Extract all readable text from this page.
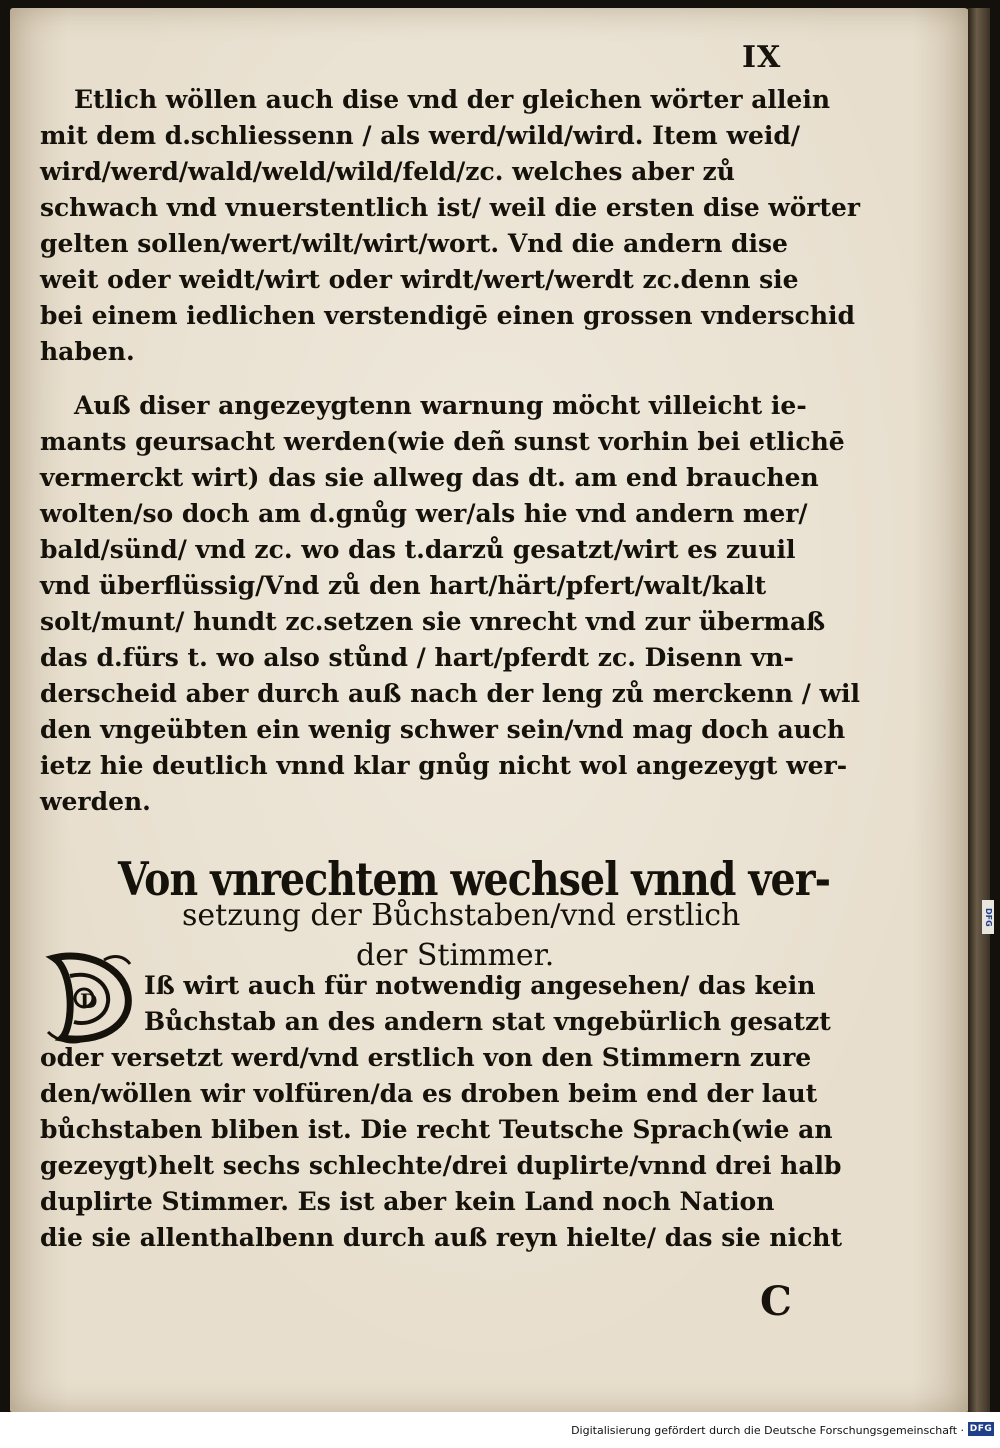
IX
Etlich wöllen auch dise vnd der gleichen wörter allein
mit dem d.schliessenn / als werd/wild/wird. Item weid/
wird/werd/wald/weld/wild/feld/zc. welches aber zů
schwach vnd vnuerstentlich ist/ weil die ersten dise wörter
gelten sollen/wert/wilt/wirt/wort. Vnd die andern dise
weit oder weidt/wirt oder wirdt/wert/werdt zc.denn sie
bei einem iedlichen verstendigē einen grossen vnderschid
haben.
Auß diser angezeygtenn warnung möcht villeicht ie-
mants geursacht werden(wie deñ sunst vorhin bei etlichē
vermerckt wirt) das sie allweg das dt. am end brauchen
wolten/so doch am d.gnůg wer/als hie vnd andern mer/
bald/sünd/ vnd zc. wo das t.darzů gesatzt/wirt es zuuil
vnd überflüssig/Vnd zů den hart/härt/pfert/walt/kalt
solt/munt/ hundt zc.setzen sie vnrecht vnd zur übermaß
das d.fürs t. wo also stůnd / hart/pferdt zc. Disenn vn-
derscheid aber durch auß nach der leng zů merckenn / wil
den vngeübten ein wenig schwer sein/vnd mag doch auch
ietz hie deutlich vnnd klar gnůg nicht wol angezeygt wer-
werden.
Von vnrechtem wechsel vnnd ver-
setzung der Bůchstaben/vnd erstlich
der Stimmer.
D
Iß wirt auch für notwendig angesehen/ das kein
Bůchstab an des andern stat vngebürlich gesatzt
oder versetzt werd/vnd erstlich von den Stimmern zure
den/wöllen wir volfüren/da es droben beim end der laut
bůchstaben bliben ist. Die recht Teutsche Sprach(wie an
gezeygt)helt sechs schlechte/drei duplirte/vnnd drei halb
duplirte Stimmer. Es ist aber kein Land noch Nation
die sie allenthalbenn durch auß reyn hielte/ das sie nicht
C
DFG
Digitalisierung gefördert durch die Deutsche Forschungsgemeinschaft · DFG
